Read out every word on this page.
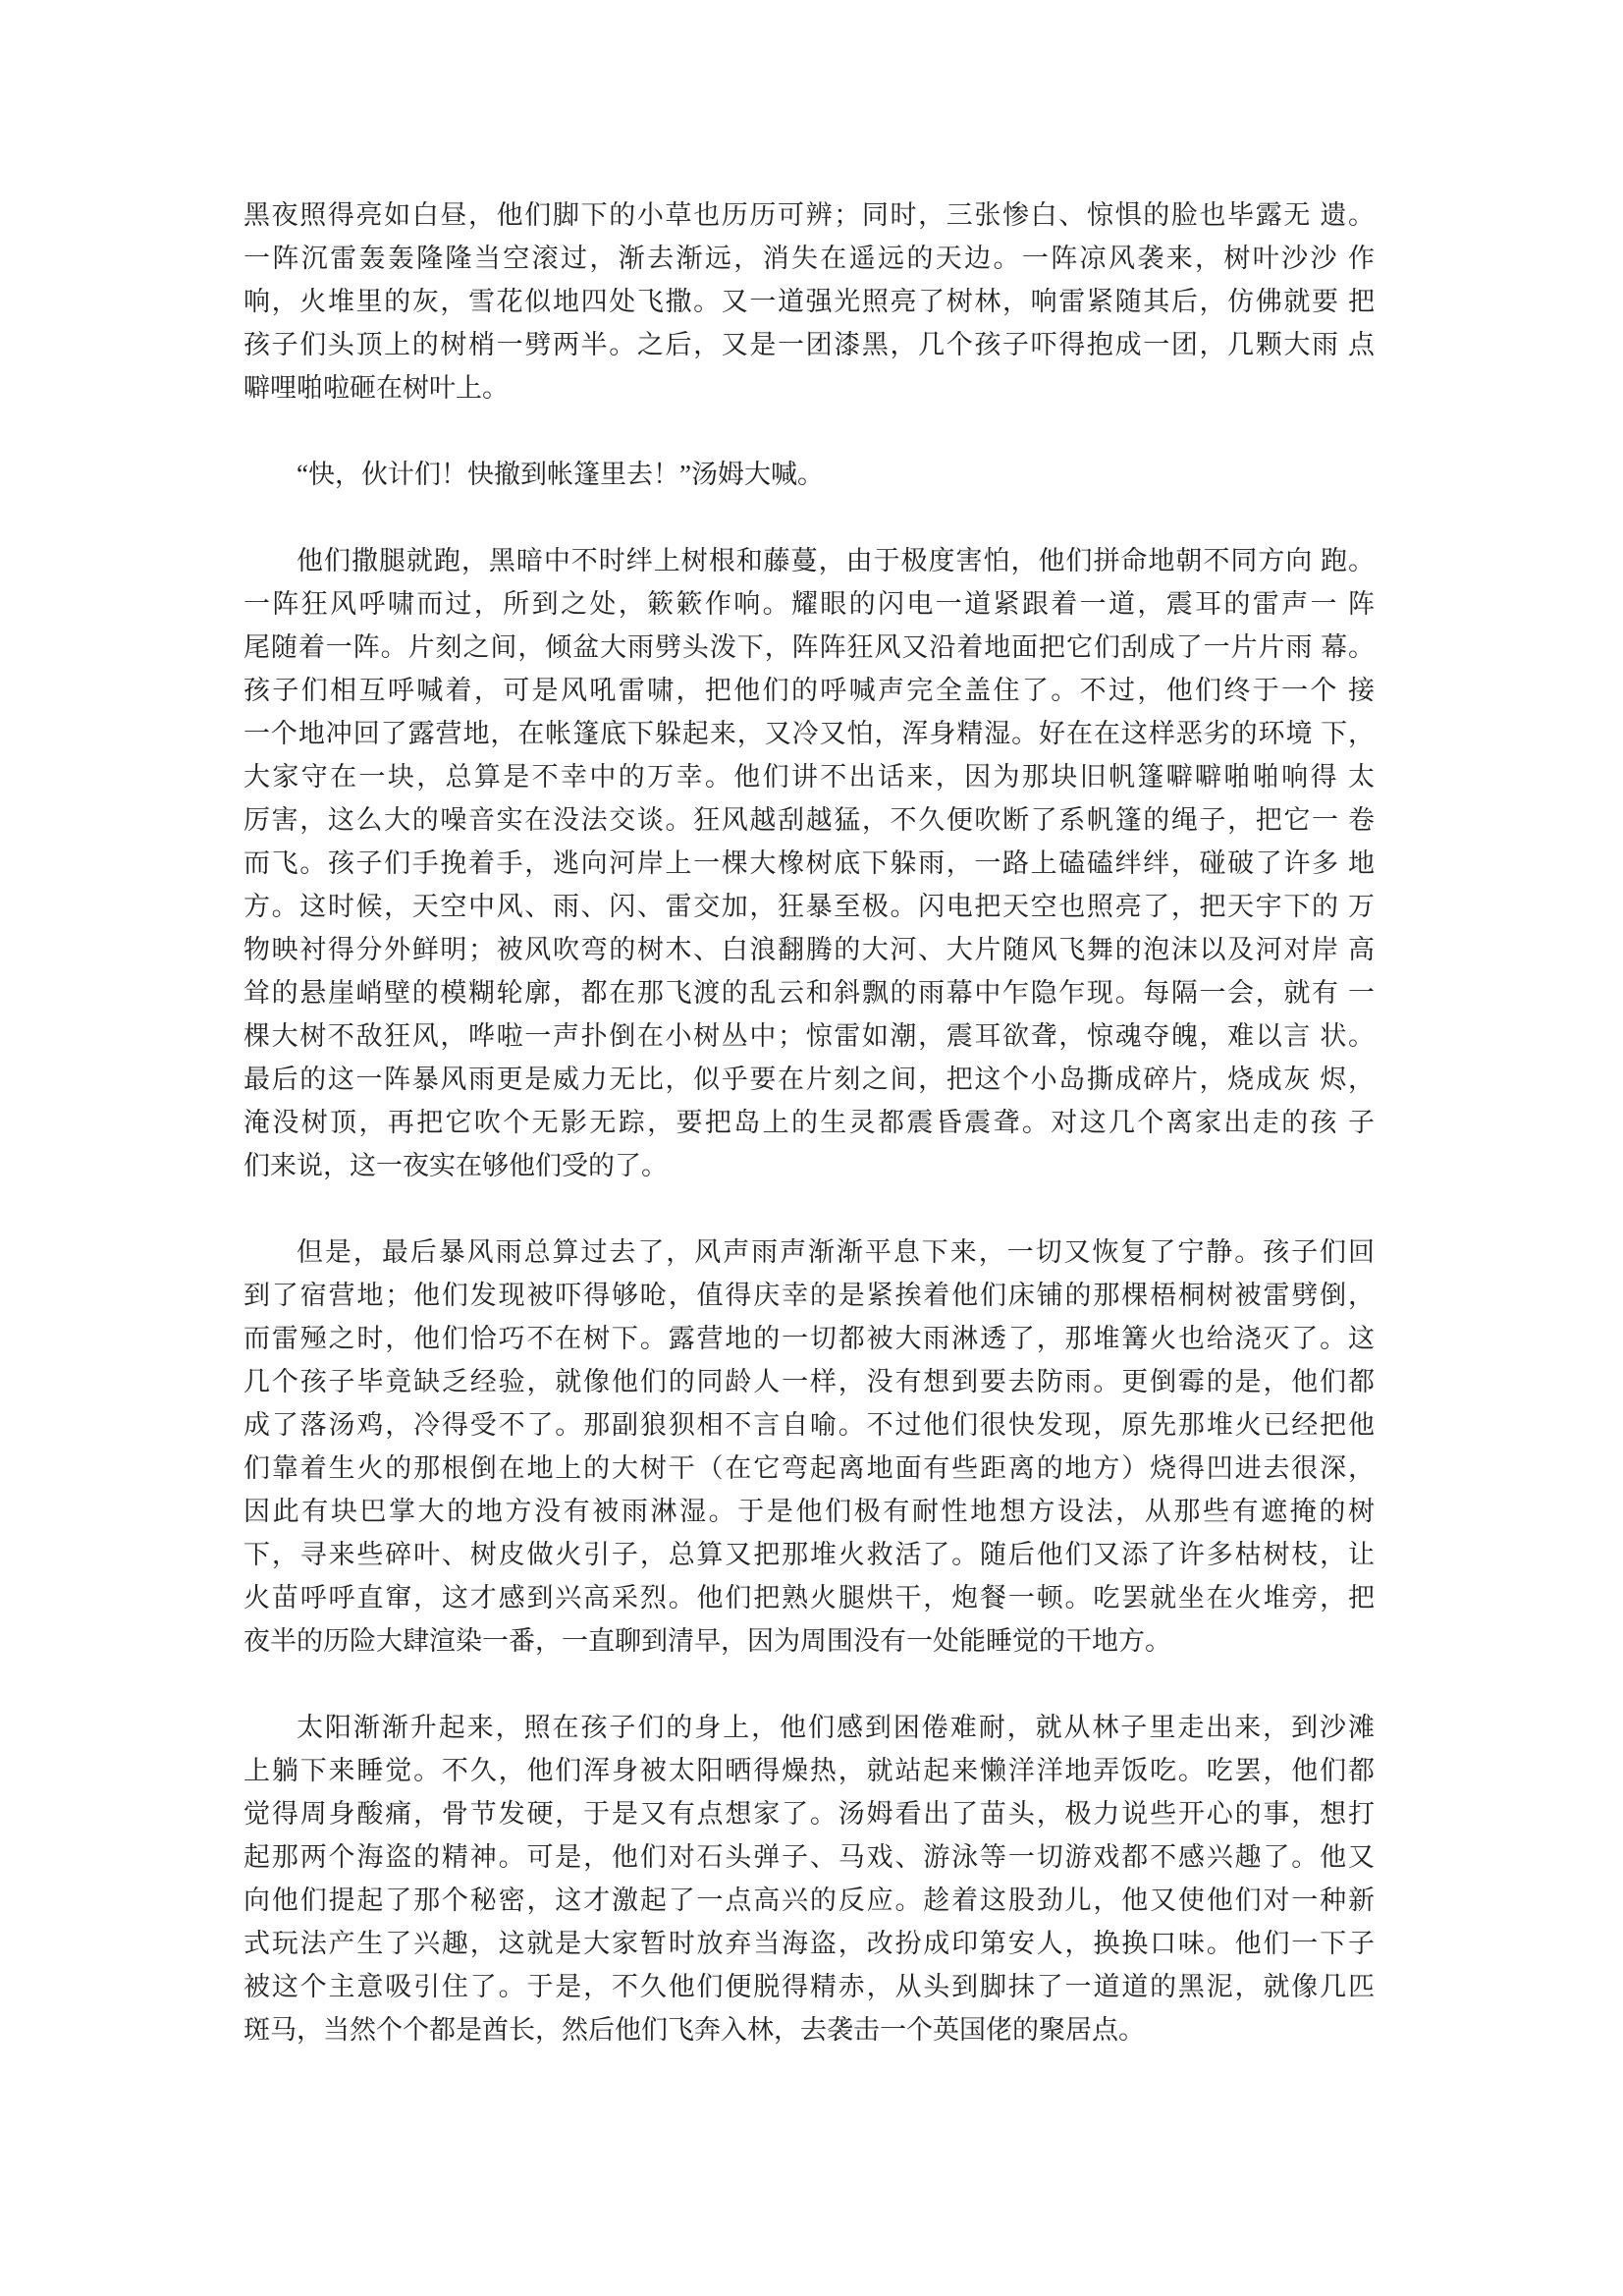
黑夜照得亮如白昼，他们脚下的小草也历历可辨；同时，三张惨白、惊惧的脸也毕露无 遗。
一阵沉雷轰轰隆隆当空滚过，渐去渐远，消失在遥远的天边。一阵凉风袭来，树叶沙沙 作
响，火堆里的灰，雪花似地四处飞撒。又一道强光照亮了树林，响雷紧随其后，仿佛就要 把
孩子们头顶上的树梢一劈两半。之后，又是一团漆黑，几个孩子吓得抱成一团，几颗大雨 点
噼哩啪啦砸在树叶上。
“快，伙计们！快撤到帐篷里去！”汤姆大喊。
他们撒腿就跑，黑暗中不时绊上树根和藤蔓，由于极度害怕，他们拼命地朝不同方向 跑。
一阵狂风呼啸而过，所到之处，簌簌作响。耀眼的闪电一道紧跟着一道，震耳的雷声一 阵
尾随着一阵。片刻之间，倾盆大雨劈头泼下，阵阵狂风又沿着地面把它们刮成了一片片雨 幕。
孩子们相互呼喊着，可是风吼雷啸，把他们的呼喊声完全盖住了。不过，他们终于一个 接
一个地冲回了露营地，在帐篷底下躲起来，又冷又怕，浑身精湿。好在在这样恶劣的环境 下，
大家守在一块，总算是不幸中的万幸。他们讲不出话来，因为那块旧帆篷噼噼啪啪响得 太
厉害，这么大的噪音实在没法交谈。狂风越刮越猛，不久便吹断了系帆篷的绳子，把它一 卷
而飞。孩子们手挽着手，逃向河岸上一棵大橡树底下躲雨，一路上磕磕绊绊，碰破了许多 地
方。这时候，天空中风、雨、闪、雷交加，狂暴至极。闪电把天空也照亮了，把天宇下的 万
物映衬得分外鲜明；被风吹弯的树木、白浪翻腾的大河、大片随风飞舞的泡沫以及河对岸 高
耸的悬崖峭壁的模糊轮廓，都在那飞渡的乱云和斜飘的雨幕中乍隐乍现。每隔一会，就有 一
棵大树不敌狂风，哗啦一声扑倒在小树丛中；惊雷如潮，震耳欲聋，惊魂夺魄，难以言 状。
最后的这一阵暴风雨更是威力无比，似乎要在片刻之间，把这个小岛撕成碎片，烧成灰 烬，
淹没树顶，再把它吹个无影无踪，要把岛上的生灵都震昏震聋。对这几个离家出走的孩 子
们来说，这一夜实在够他们受的了。
但是，最后暴风雨总算过去了，风声雨声渐渐平息下来，一切又恢复了宁静。孩子们回
到了宿营地；他们发现被吓得够呛，值得庆幸的是紧挨着他们床铺的那棵梧桐树被雷劈倒，
而雷殛之时，他们恰巧不在树下。露营地的一切都被大雨淋透了，那堆篝火也给浇灭了。这
几个孩子毕竟缺乏经验，就像他们的同龄人一样，没有想到要去防雨。更倒霉的是，他们都
成了落汤鸡，冷得受不了。那副狼狈相不言自喻。不过他们很快发现，原先那堆火已经把他
们靠着生火的那根倒在地上的大树干（在它弯起离地面有些距离的地方）烧得凹进去很深，
因此有块巴掌大的地方没有被雨淋湿。于是他们极有耐性地想方设法，从那些有遮掩的树
下，寻来些碎叶、树皮做火引子，总算又把那堆火救活了。随后他们又添了许多枯树枝，让
火苗呼呼直窜，这才感到兴高采烈。他们把熟火腿烘干，炮餐一顿。吃罢就坐在火堆旁，把
夜半的历险大肆渲染一番，一直聊到清早，因为周围没有一处能睡觉的干地方。
太阳渐渐升起来，照在孩子们的身上，他们感到困倦难耐，就从林子里走出来，到沙滩
上躺下来睡觉。不久，他们浑身被太阳晒得燥热，就站起来懒洋洋地弄饭吃。吃罢，他们都
觉得周身酸痛，骨节发硬，于是又有点想家了。汤姆看出了苗头，极力说些开心的事，想打
起那两个海盗的精神。可是，他们对石头弹子、马戏、游泳等一切游戏都不感兴趣了。他又
向他们提起了那个秘密，这才激起了一点高兴的反应。趁着这股劲儿，他又使他们对一种新
式玩法产生了兴趣，这就是大家暂时放弃当海盗，改扮成印第安人，换换口味。他们一下子
被这个主意吸引住了。于是，不久他们便脱得精赤，从头到脚抹了一道道的黑泥，就像几匹
斑马，当然个个都是酋长，然后他们飞奔入林，去袭击一个英国佬的聚居点。
